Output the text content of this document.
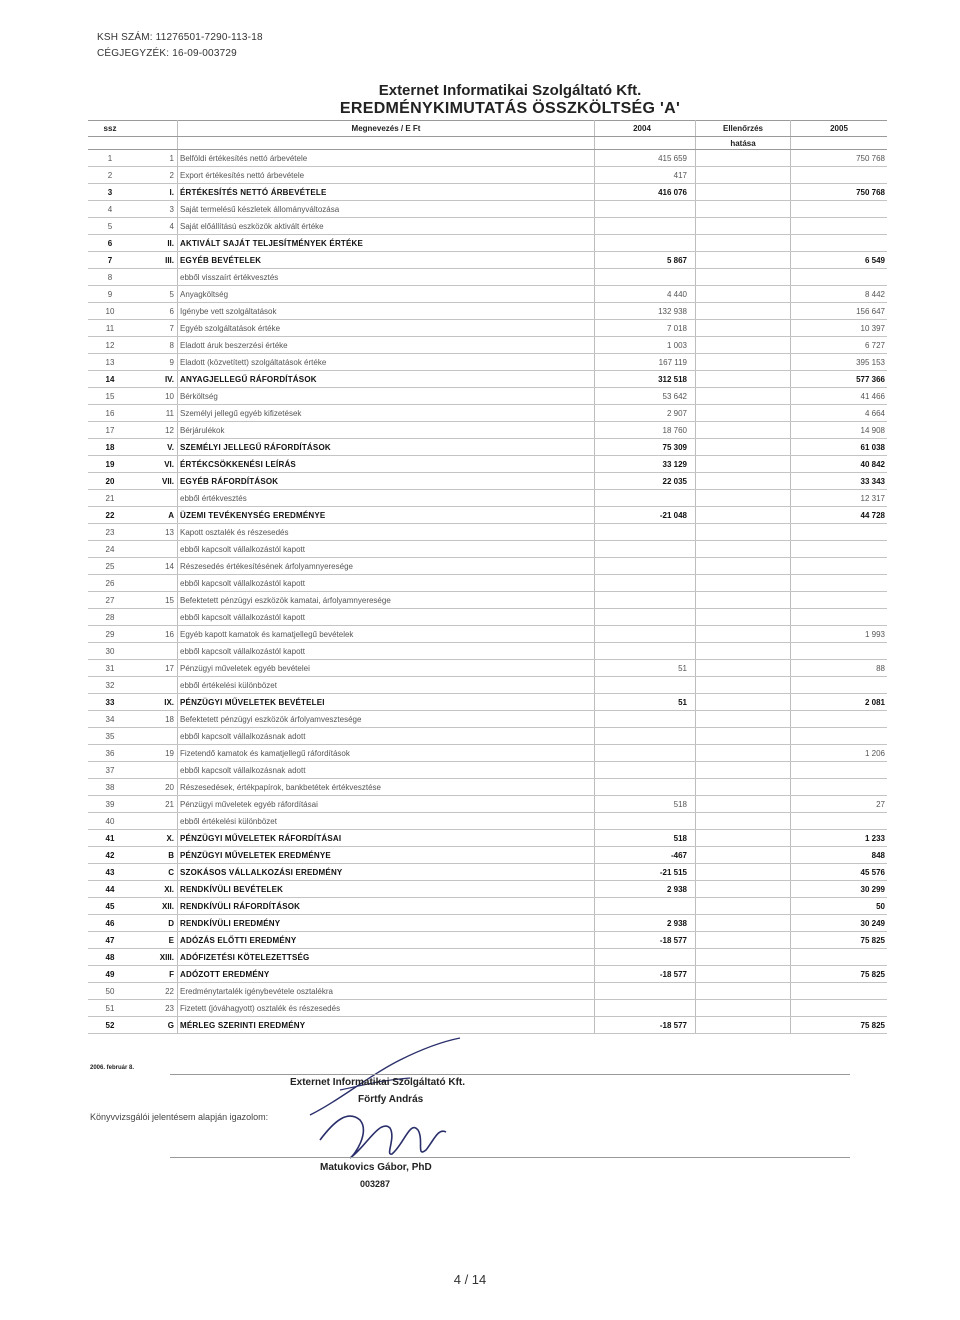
KSH SZÁM: 11276501-7290-113-18
CÉGJEGYZÉK: 16-09-003729
Externet Informatikai Szolgáltató Kft.
EREDMÉNYKIMUTATÁS ÖSSZKÖLTSÉG 'A'
ssz		Megnevezés / E Ft	2004	Ellenőrzés	2005
				hatása	
1	1	Belföldi értékesítés nettó árbevétele	415 659		750 768
2	2	Export értékesítés nettó árbevétele	417		
3	I.	ÉRTÉKESÍTÉS NETTÓ ÁRBEVÉTELE	416 076		750 768
4	3	Saját termelésű készletek állományváltozása			
5	4	Saját előállítású eszközök aktivált értéke			
6	II.	AKTIVÁLT SAJÁT TELJESÍTMÉNYEK ÉRTÉKE			
7	III.	EGYÉB BEVÉTELEK	5 867		6 549
8		ebből visszaírt értékvesztés			
9	5	Anyagköltség	4 440		8 442
10	6	Igénybe vett szolgáltatások	132 938		156 647
11	7	Egyéb szolgáltatások értéke	7 018		10 397
12	8	Eladott áruk beszerzési értéke	1 003		6 727
13	9	Eladott (közvetített) szolgáltatások értéke	167 119		395 153
14	IV.	ANYAGJELLEGŰ RÁFORDÍTÁSOK	312 518		577 366
15	10	Bérköltség	53 642		41 466
16	11	Személyi jellegű egyéb kifizetések	2 907		4 664
17	12	Bérjárulékok	18 760		14 908
18	V.	SZEMÉLYI JELLEGŰ RÁFORDÍTÁSOK	75 309		61 038
19	VI.	ÉRTÉKCSÖKKENÉSI LEÍRÁS	33 129		40 842
20	VII.	EGYÉB RÁFORDÍTÁSOK	22 035		33 343
21		ebből értékvesztés			12 317
22	A	ÜZEMI TEVÉKENYSÉG EREDMÉNYE	-21 048		44 728
23	13	Kapott osztalék és részesedés			
24		ebből kapcsolt vállalkozástól kapott			
25	14	Részesedés értékesítésének árfolyamnyeresége			
26		ebből kapcsolt vállalkozástól kapott			
27	15	Befektetett pénzügyi eszközök kamatai, árfolyamnyeresége			
28		ebből kapcsolt vállalkozástól kapott			
29	16	Egyéb kapott kamatok és kamatjellegű bevételek			1 993
30		ebből kapcsolt vállalkozástól kapott			
31	17	Pénzügyi műveletek egyéb bevételei	51		88
32		ebből értékelési különbözet			
33	IX.	PÉNZÜGYI MŰVELETEK BEVÉTELEI	51		2 081
34	18	Befektetett pénzügyi eszközök árfolyamvesztesége			
35		ebből kapcsolt vállalkozásnak adott			
36	19	Fizetendő kamatok és kamatjellegű ráfordítások			1 206
37		ebből kapcsolt vállalkozásnak adott			
38	20	Részesedések, értékpapírok, bankbetétek értékvesztése			
39	21	Pénzügyi műveletek egyéb ráfordításai	518		27
40		ebből értékelési különbözet			
41	X.	PÉNZÜGYI MŰVELETEK RÁFORDÍTÁSAI	518		1 233
42	B	PÉNZÜGYI MŰVELETEK EREDMÉNYE	-467		848
43	C	SZOKÁSOS VÁLLALKOZÁSI EREDMÉNY	-21 515		45 576
44	XI.	RENDKÍVÜLI BEVÉTELEK	2 938		30 299
45	XII.	RENDKÍVÜLI RÁFORDÍTÁSOK			50
46	D	RENDKÍVÜLI EREDMÉNY	2 938		30 249
47	E	ADÓZÁS ELŐTTI EREDMÉNY	-18 577		75 825
48	XIII.	ADÓFIZETÉSI KÖTELEZETTSÉG			
49	F	ADÓZOTT EREDMÉNY	-18 577		75 825
50	22	Eredménytartalék igénybevétele osztalékra			
51	23	Fizetett (jóváhagyott) osztalék és részesedés			
52	G	MÉRLEG SZERINTI EREDMÉNY	-18 577		75 825
2006. február 8.
Externet Informatikai Szolgáltató Kft.
Förtfy András
Könyvvizsgálói jelentésem alapján igazolom:
Matukovics Gábor, PhD
003287
4 / 14
